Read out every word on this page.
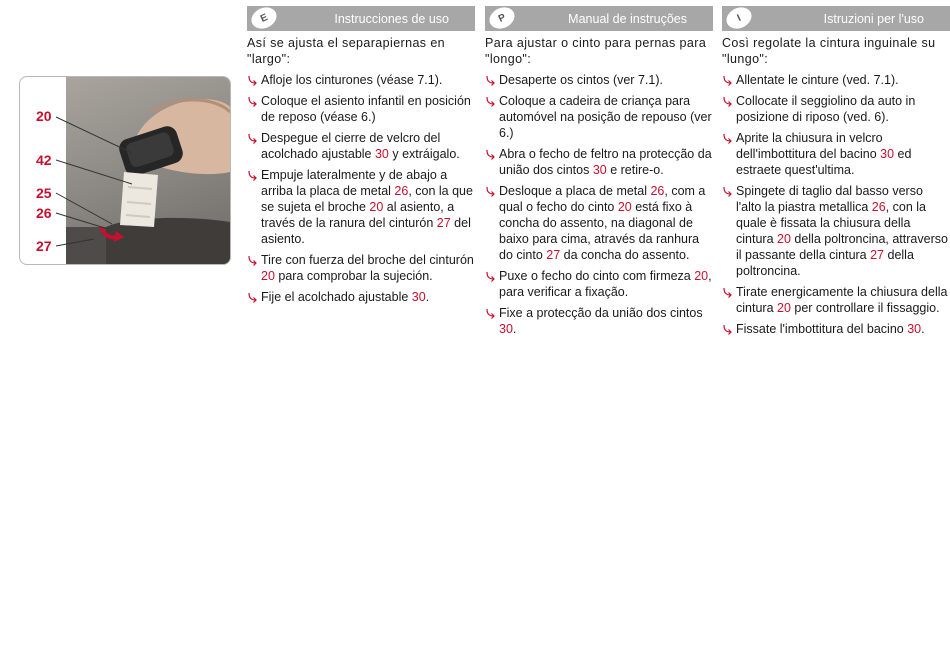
20
42
25
26
27
E	Instrucciones de uso

Así se ajusta el separapiernas en "largo":

Afloje los cinturones (véase 7.1).
Coloque el asiento infantil en posición de reposo (véase 6.)
Despegue el cierre de velcro del acolchado ajustable 30 y extráigalo.
Empuje lateralmente y de abajo a arriba la placa de metal 26, con la que se sujeta el broche 20 al asiento, a través de la ranura del cinturón 27 del asiento.
Tire con fuerza del broche del cinturón 20 para comprobar la sujeción.
Fije el acolchado ajustable 30.
P	Manual de instruções

Para ajustar o cinto para pernas para "longo":

Desaperte os cintos (ver 7.1).
Coloque a cadeira de criança para automóvel na posição de repouso (ver 6.)
Abra o fecho de feltro na protecção da união dos cintos 30 e retire-o.
Desloque a placa de metal 26, com a qual o fecho do cinto 20 está fixo à concha do assento, na diagonal de baixo para cima, através da ranhura do cinto 27 da concha do assento.
Puxe o fecho do cinto com firmeza 20, para verificar a fixação.
Fixe a protecção da união dos cintos 30.
I	Istruzioni per l'uso

Così regolate la cintura inguinale su "lungo":

Allentate le cinture (ved. 7.1).
Collocate il seggiolino da auto in posizione di riposo (ved. 6).
Aprite la chiusura in velcro dell'imbottitura del bacino 30 ed estraete quest'ultima.
Spingete di taglio dal basso verso l'alto la piastra metallica 26, con la quale è fissata la chiusura della cintura 20 della poltroncina, attraverso il passante della cintura 27 della poltroncina.
Tirate energicamente la chiusura della cintura 20 per controllare il fissaggio.
Fissate l'imbottitura del bacino 30.
